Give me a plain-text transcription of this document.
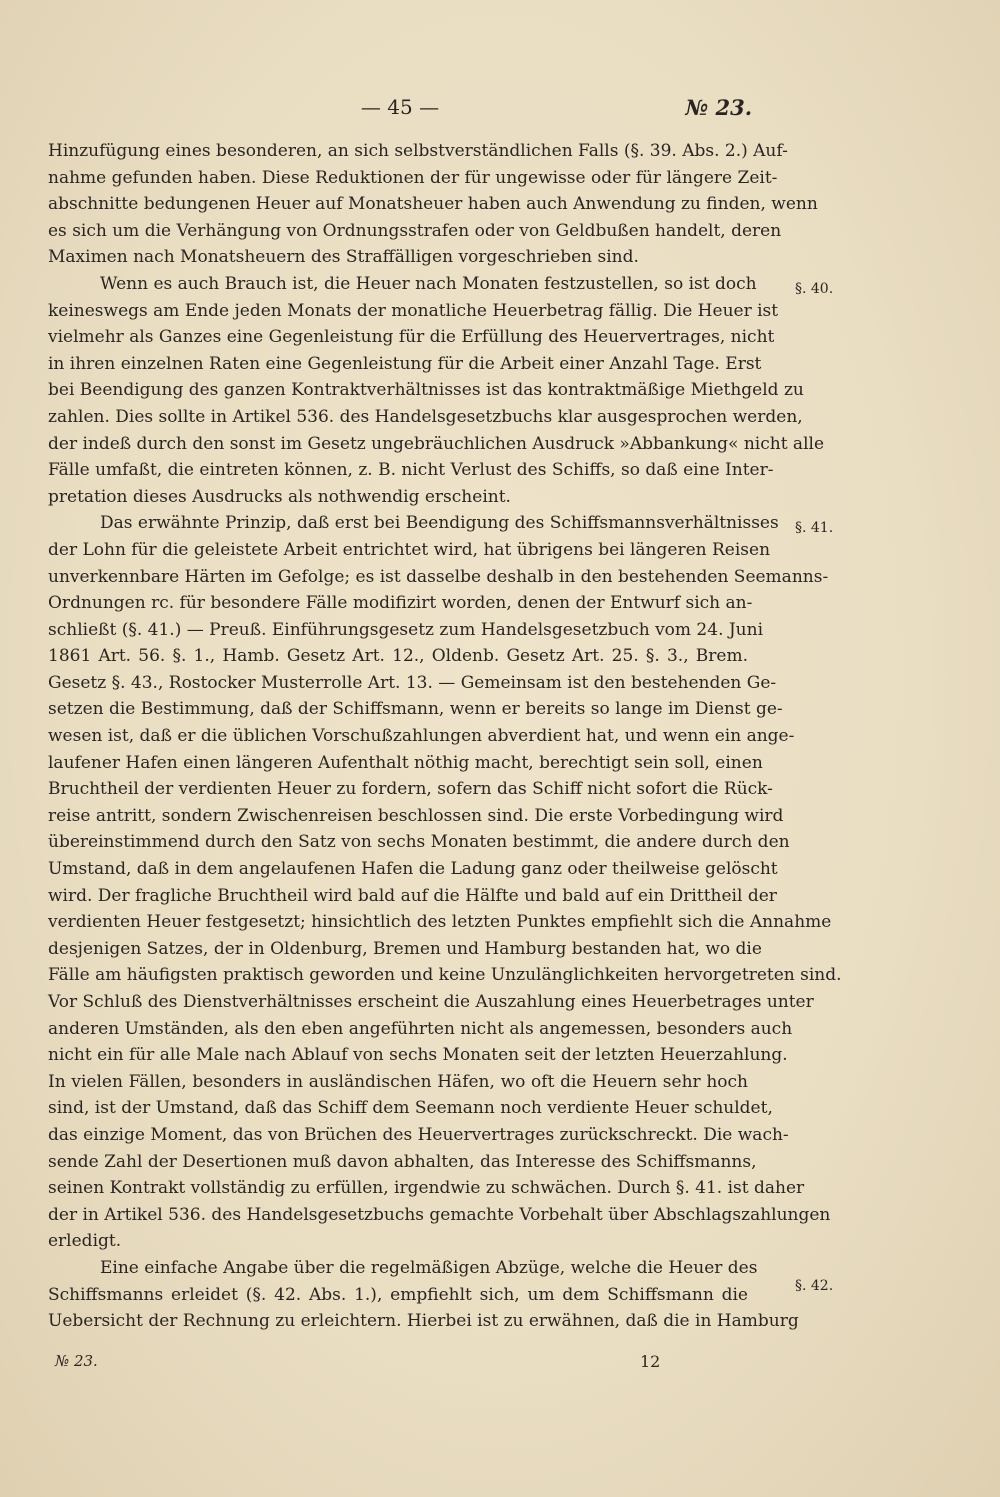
— 45 —	№ 23.
Hinzufügung eines besonderen, an sich selbstverständlichen Falls (§. 39. Abs. 2.) Auf-
nahme gefunden haben. Diese Reduktionen der für ungewisse oder für längere Zeit-
abschnitte bedungenen Heuer auf Monatsheuer haben auch Anwendung zu finden, wenn
es sich um die Verhängung von Ordnungsstrafen oder von Geldbußen handelt, deren
Maximen nach Monatsheuern des Straffälligen vorgeschrieben sind.
Wenn es auch Brauch ist, die Heuer nach Monaten festzustellen, so ist doch
keineswegs am Ende jeden Monats der monatliche Heuerbetrag fällig. Die Heuer ist
vielmehr als Ganzes eine Gegenleistung für die Erfüllung des Heuervertrages, nicht
in ihren einzelnen Raten eine Gegenleistung für die Arbeit einer Anzahl Tage. Erst
bei Beendigung des ganzen Kontraktverhältnisses ist das kontraktmäßige Miethgeld zu
zahlen. Dies sollte in Artikel 536. des Handelsgesetzbuchs klar ausgesprochen werden,
der indeß durch den sonst im Gesetz ungebräuchlichen Ausdruck »Abbankung« nicht alle
Fälle umfaßt, die eintreten können, z. B. nicht Verlust des Schiffs, so daß eine Inter-
pretation dieses Ausdrucks als nothwendig erscheint.
Das erwähnte Prinzip, daß erst bei Beendigung des Schiffsmannsverhältnisses
der Lohn für die geleistete Arbeit entrichtet wird, hat übrigens bei längeren Reisen
unverkennbare Härten im Gefolge; es ist dasselbe deshalb in den bestehenden Seemanns-
Ordnungen rc. für besondere Fälle modifizirt worden, denen der Entwurf sich an-
schließt (§. 41.) — Preuß. Einführungsgesetz zum Handelsgesetzbuch vom 24. Juni
1861 Art. 56. §. 1., Hamb. Gesetz Art. 12., Oldenb. Gesetz Art. 25. §. 3., Brem.
Gesetz §. 43., Rostocker Musterrolle Art. 13. — Gemeinsam ist den bestehenden Ge-
setzen die Bestimmung, daß der Schiffsmann, wenn er bereits so lange im Dienst ge-
wesen ist, daß er die üblichen Vorschußzahlungen abverdient hat, und wenn ein ange-
laufener Hafen einen längeren Aufenthalt nöthig macht, berechtigt sein soll, einen
Bruchtheil der verdienten Heuer zu fordern, sofern das Schiff nicht sofort die Rück-
reise antritt, sondern Zwischenreisen beschlossen sind. Die erste Vorbedingung wird
übereinstimmend durch den Satz von sechs Monaten bestimmt, die andere durch den
Umstand, daß in dem angelaufenen Hafen die Ladung ganz oder theilweise gelöscht
wird. Der fragliche Bruchtheil wird bald auf die Hälfte und bald auf ein Drittheil der
verdienten Heuer festgesetzt; hinsichtlich des letzten Punktes empfiehlt sich die Annahme
desjenigen Satzes, der in Oldenburg, Bremen und Hamburg bestanden hat, wo die
Fälle am häufigsten praktisch geworden und keine Unzulänglichkeiten hervorgetreten sind.
Vor Schluß des Dienstverhältnisses erscheint die Auszahlung eines Heuerbetrages unter
anderen Umständen, als den eben angeführten nicht als angemessen, besonders auch
nicht ein für alle Male nach Ablauf von sechs Monaten seit der letzten Heuerzahlung.
In vielen Fällen, besonders in ausländischen Häfen, wo oft die Heuern sehr hoch
sind, ist der Umstand, daß das Schiff dem Seemann noch verdiente Heuer schuldet,
das einzige Moment, das von Brüchen des Heuervertrages zurückschreckt. Die wach-
sende Zahl der Desertionen muß davon abhalten, das Interesse des Schiffsmanns,
seinen Kontrakt vollständig zu erfüllen, irgendwie zu schwächen. Durch §. 41. ist daher
der in Artikel 536. des Handelsgesetzbuchs gemachte Vorbehalt über Abschlagszahlungen
erledigt.
Eine einfache Angabe über die regelmäßigen Abzüge, welche die Heuer des
Schiffsmanns erleidet (§. 42. Abs. 1.), empfiehlt sich, um dem Schiffsmann die
Uebersicht der Rechnung zu erleichtern. Hierbei ist zu erwähnen, daß die in Hamburg
§. 40.
§. 41.
§. 42.
№ 23.	12
